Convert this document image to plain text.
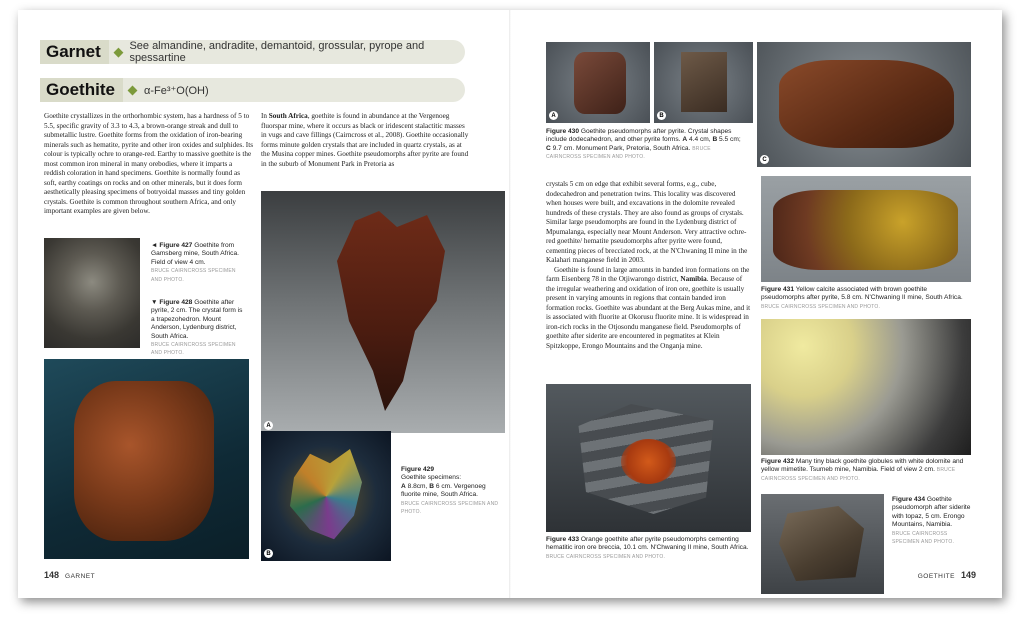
Garnet	See almandine, andradite, demantoid, grossular, pyrope and spessartine
Goethite	α-Fe³⁺O(OH)

Goethite crystallizes in the orthorhombic system, has a hardness of 5 to 5.5, specific gravity of 3.3 to 4.3, a brown-orange streak and dull to submetallic lustre. Goethite forms from the oxidation of iron-bearing minerals such as hematite, pyrite and other iron oxides and sulphides. Its colour is typically ochre to orange-red. Earthy to massive goethite is the most common iron mineral in many orebodies, where it imparts a reddish coloration in hand specimens. Goethite is normally found as soft, earthy coatings on rocks and on other minerals, but it does form aesthetically pleasing specimens of botryoidal masses and tiny golden crystals. Goethite is common throughout southern Africa, and only important examples are given below.

In South Africa, goethite is found in abundance at the Vergenoeg fluorspar mine, where it occurs as black or iridescent stalactitic masses in vugs and cave fillings (Cairncross et al., 2008). Goethite occasionally forms minute golden crystals that are included in quartz crystals, as at the Musina copper mines. Goethite pseudomorphs after pyrite are found in the suburb of Monument Park in Pretoria as

◄ Figure 427 Goethite from Gamsberg mine, South Africa. Field of view 4 cm.
BRUCE CAIRNCROSS SPECIMEN AND PHOTO.
▼ Figure 428 Goethite after pyrite, 2 cm. The crystal form is a trapezohedron. Mount Anderson, Lydenburg district, South Africa.
BRUCE CAIRNCROSS SPECIMEN AND PHOTO.
A
B
Figure 429
Goethite specimens:
A 8.8cm, B 6 cm. Vergenoeg fluorite mine, South Africa.
BRUCE CAIRNCROSS SPECIMEN AND PHOTO.
148 GARNET
A	B
C
Figure 430 Goethite pseudomorphs after pyrite. Crystal shapes include dodecahedron, and other pyrite forms. A 4.4 cm, B 5.5 cm; C 9.7 cm. Monument Park, Pretoria, South Africa. BRUCE CAIRNCROSS SPECIMEN AND PHOTO.

crystals 5 cm on edge that exhibit several forms, e.g., cube, dodecahedron and penetration twins. This locality was discovered when houses were built, and excavations in the dolomite revealed hundreds of these crystals. They are also found as groups of crystals. Similar large pseudomorphs are found in the Lydenburg district of Mpumalanga, especially near Mount Anderson. Very attractive ochre-red goethite/ hematite pseudomorphs after pyrite were found, cementing pieces of brecciated rock, at the N'Chwaning II mine in the Kalahari manganese field in 2003.

Goethite is found in large amounts in banded iron formations on the farm Eisenberg 78 in the Otjiwarongo district, Namibia. Because of the irregular weathering and oxidation of iron ore, goethite is usually present in varying amounts in regions that contain banded iron formation rocks. Goethite was abundant at the Berg Aukas mine, and it is associated with fluorite at Okorusu fluorite mine. It is widespread in iron-rich rocks in the Otjosondu manganese field. Pseudomorphs of goethite after siderite are encountered in pegmatites at Klein Spitzkoppe, Erongo Mountains and the Onganja mine.

Figure 433 Orange goethite after pyrite pseudomorphs cementing hematitic iron ore breccia, 10.1 cm. N'Chwaning II mine, South Africa. BRUCE CAIRNCROSS SPECIMEN AND PHOTO.
Figure 431 Yellow calcite associated with brown goethite pseudomorphs after pyrite, 5.8 cm. N'Chwaning II mine, South Africa. BRUCE CAIRNCROSS SPECIMEN AND PHOTO.
Figure 432 Many tiny black goethite globules with white dolomite and yellow mimetite. Tsumeb mine, Namibia. Field of view 2 cm. BRUCE CAIRNCROSS SPECIMEN AND PHOTO.
Figure 434 Goethite pseudomorph after siderite with topaz, 5 cm. Erongo Mountains, Namibia.
BRUCE CAIRNCROSS SPECIMEN AND PHOTO.
GOETHITE 149
